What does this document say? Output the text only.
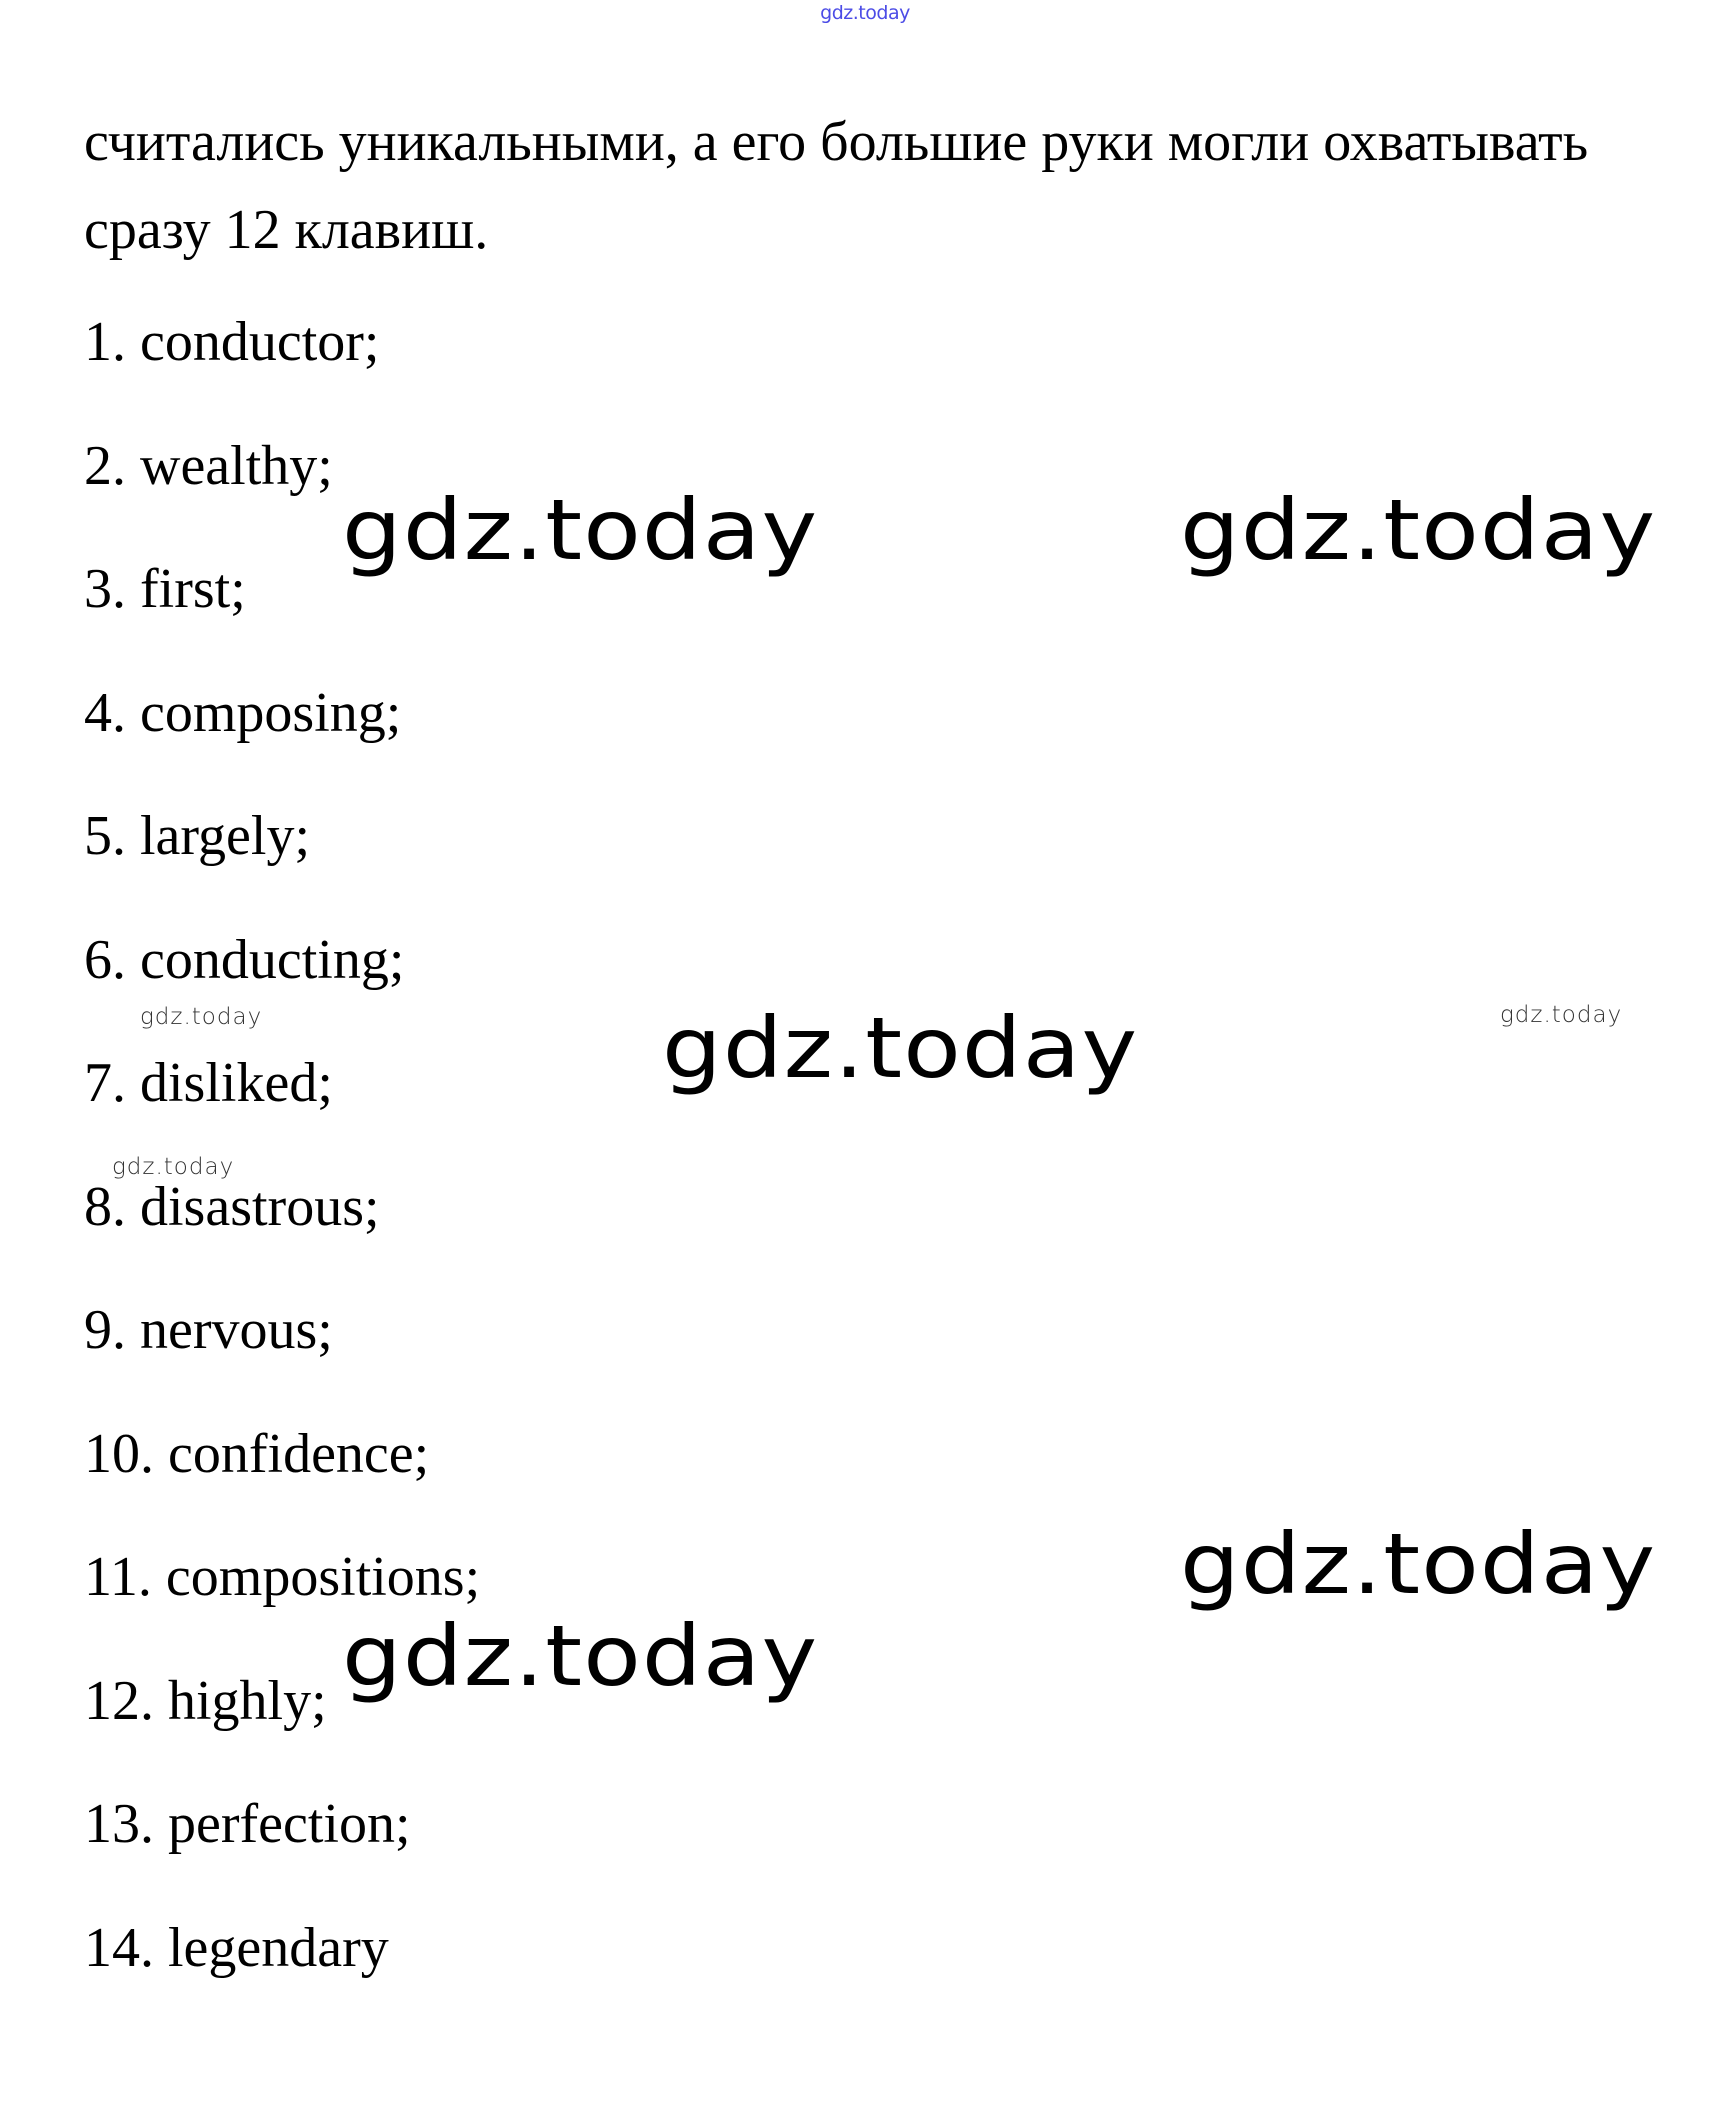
gdz.today

считались уникальными, а его большие руки могли охватывать сразу 12 клавиш.

1. conductor;
2. wealthy;
3. first;
4. composing;
5. largely;
6. conducting;
7. disliked;
8. disastrous;
9. nervous;
10. confidence;
11. compositions;
12. highly;
13. perfection;
14. legendary
gdz.today	gdz.today
gdz.today
gdz.today
gdz.today
gdz.today	gdz.today
gdz.today
